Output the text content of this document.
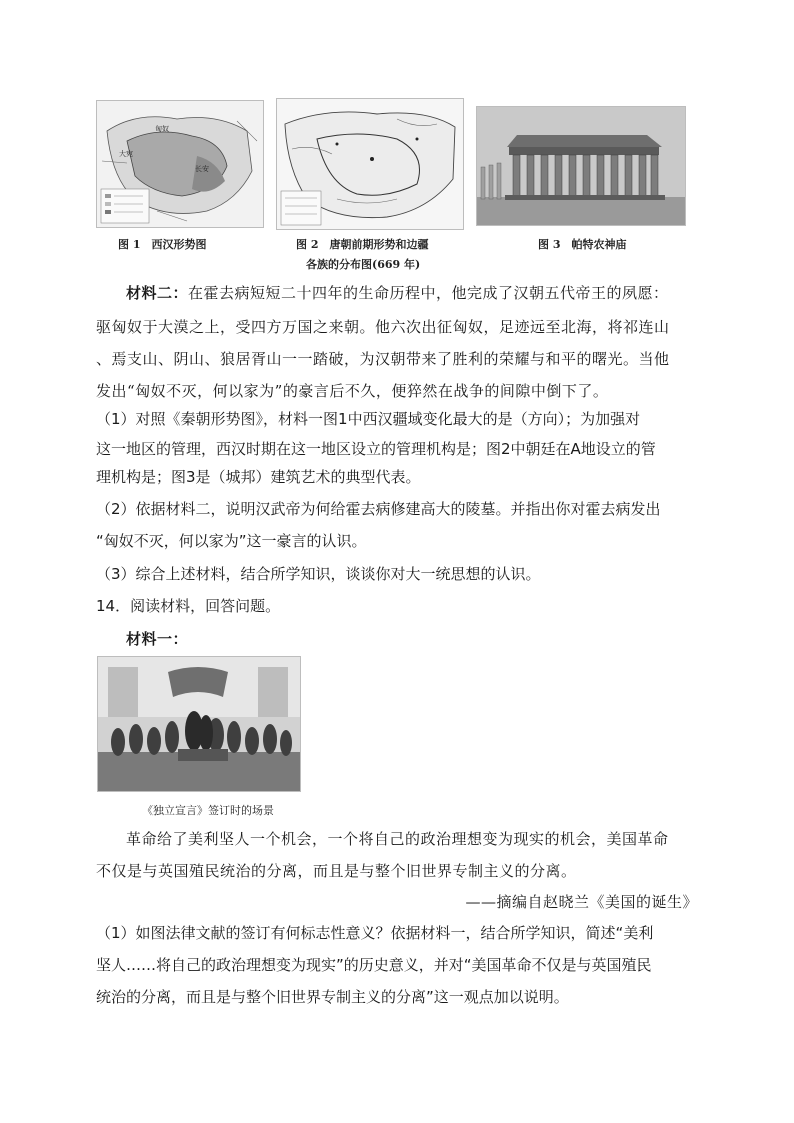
匈奴
长安
大宛
图 1　西汉形势图	图 2　唐朝前期形势和边疆
各族的分布图(669 年)
图 3　帕特农神庙
材料二：在霍去病短短二十四年的生命历程中，他完成了汉朝五代帝王的夙愿：
驱匈奴于大漠之上，受四方万国之来朝。他六次出征匈奴，足迹远至北海，将祁连山
、焉支山、阴山、狼居胥山一一踏破，为汉朝带来了胜利的荣耀与和平的曙光。当他
发出“匈奴不灭，何以家为”的豪言后不久，便猝然在战争的间隙中倒下了。
（1）对照《秦朝形势图》，材料一图1中西汉疆域变化最大的是（方向）；为加强对
这一地区的管理，西汉时期在这一地区设立的管理机构是；图2中朝廷在A地设立的管
理机构是；图3是（城邦）建筑艺术的典型代表。
（2）依据材料二，说明汉武帝为何给霍去病修建高大的陵墓。并指出你对霍去病发出
“匈奴不灭，何以家为”这一豪言的认识。
（3）综合上述材料，结合所学知识，谈谈你对大一统思想的认识。
14．阅读材料，回答问题。
材料一：
《独立宣言》签订时的场景
革命给了美利坚人一个机会，一个将自己的政治理想变为现实的机会，美国革命
不仅是与英国殖民统治的分离，而且是与整个旧世界专制主义的分离。
——摘编自赵晓兰《美国的诞生》
（1）如图法律文献的签订有何标志性意义？依据材料一，结合所学知识，简述“美利
坚人……将自己的政治理想变为现实”的历史意义，并对“美国革命不仅是与英国殖民
统治的分离，而且是与整个旧世界专制主义的分离”这一观点加以说明。
